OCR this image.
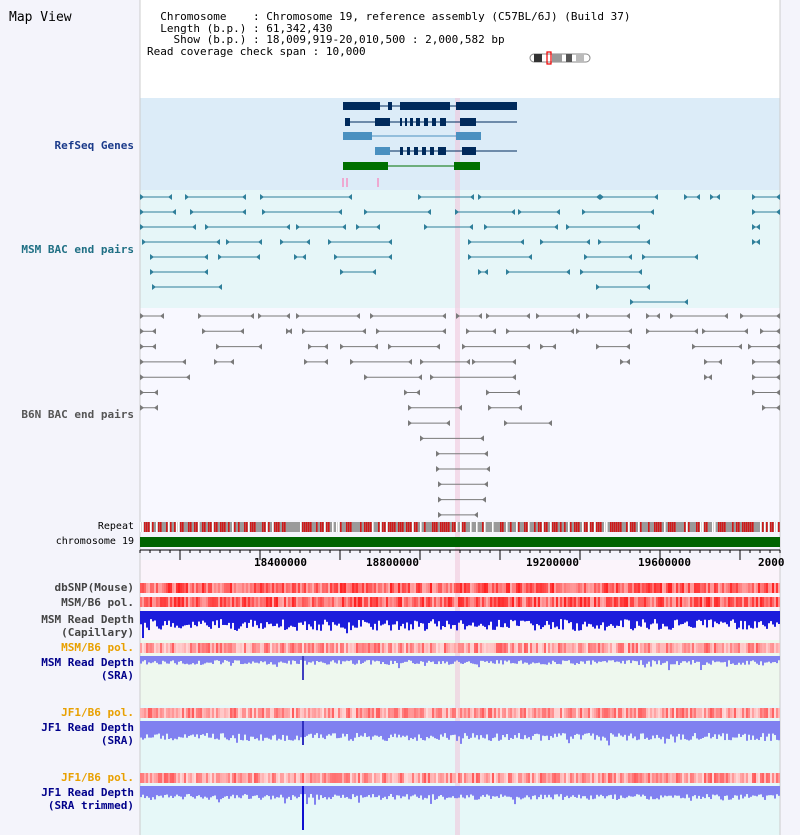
Map View	Chromosome    : Chromosome 19, reference assembly (C57BL/6J) (Build 37)
Length (b.p.) : 61,342,430
Show (b.p.) : 18,009,919-20,010,500 : 2,000,582 bp
Read coverage check span : 10,000
RefSeq Genes
MSM BAC end pairs
B6N BAC end pairs
Repeat
chromosome 19
dbSNP(Mouse)
MSM/B6 pol.
MSM Read Depth
(Capillary)
MSM/B6 pol.
MSM Read Depth
(SRA)
JF1/B6 pol.
JF1 Read Depth
(SRA)
JF1/B6 pol.
JF1 Read Depth
(SRA trimmed)
18400000	18800000	19200000	19600000	2000
